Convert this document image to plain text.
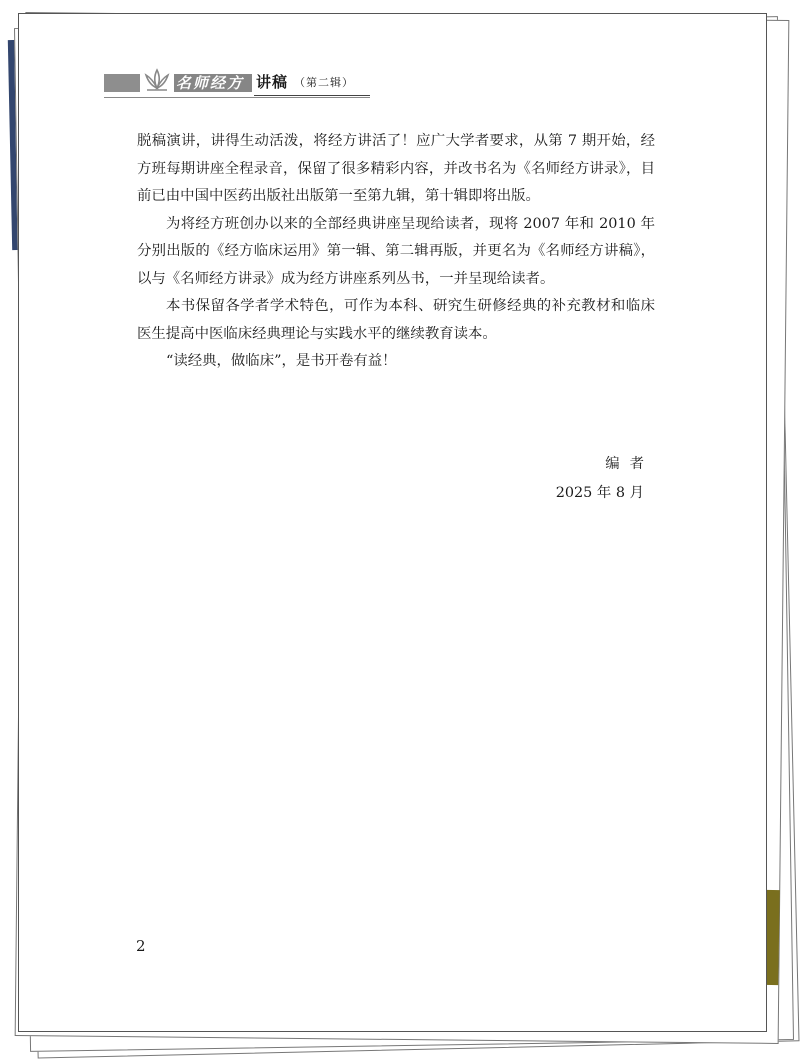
名师经方 讲稿 （第二辑）

脱稿演讲，讲得生动活泼，将经方讲活了！应广大学者要求，从第 7 期开始，经方班每期讲座全程录音，保留了很多精彩内容，并改书名为《名师经方讲录》，目前已由中国中医药出版社出版第一至第九辑，第十辑即将出版。

为将经方班创办以来的全部经典讲座呈现给读者，现将 2007 年和 2010 年分别出版的《经方临床运用》第一辑、第二辑再版，并更名为《名师经方讲稿》，以与《名师经方讲录》成为经方讲座系列丛书，一并呈现给读者。

本书保留各学者学术特色，可作为本科、研究生研修经典的补充教材和临床医生提高中医临床经典理论与实践水平的继续教育读本。

“读经典，做临床”，是书开卷有益！

编者
2025 年 8 月
2
